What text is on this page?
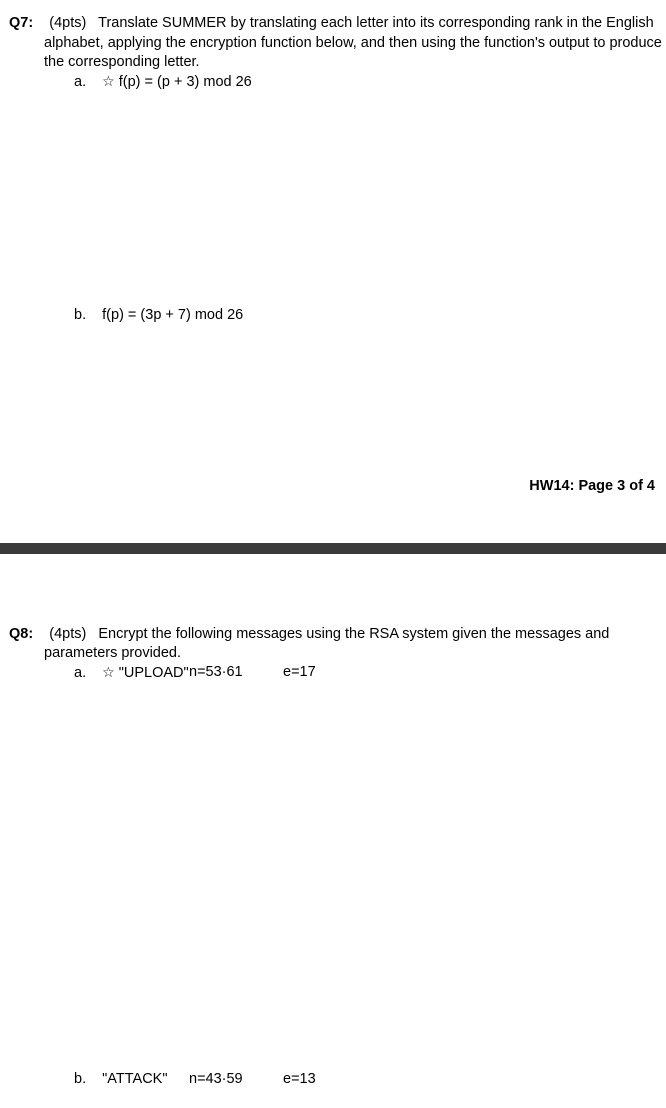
Q7: (4pts) Translate SUMMER by translating each letter into its corresponding rank in the English
alphabet, applying the encryption function below, and then using the function's output to produce
the corresponding letter.
a. ☆ f(p) = (p + 3) mod 26
b. f(p) = (3p + 7) mod 26
HW14: Page 3 of 4
Q8: (4pts) Encrypt the following messages using the RSA system given the messages and
parameters provided.
a. ☆ "UPLOAD" n=53·61	e=17
b. "ATTACK" n=43·59	e=13
